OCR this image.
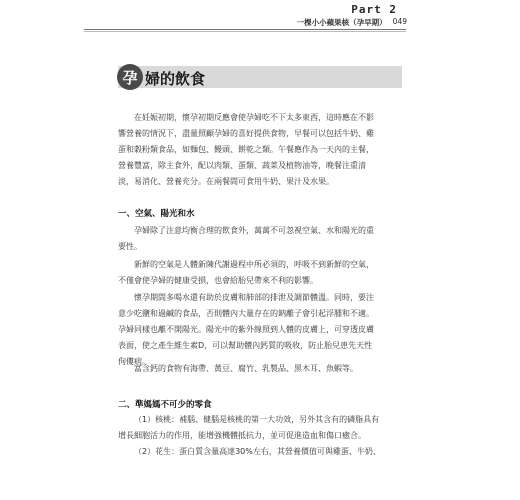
Part 2
一棵小小蘋果核（孕早期） 049
孕 婦的飲食
在妊娠初期，懷孕初期反應會使孕婦吃不下太多東西，這時應在不影
響營養的情況下，盡量照顧孕婦的喜好提供食物，早餐可以包括牛奶、雞
蛋和穀粉類食品，如麵包、饅頭、餅乾之類。午餐應作為一天內的主餐，
營養豐富，除主食外，配以肉類、蛋類、蔬菜及植物油等，晚餐注重清
淡，易消化、營養充分。在兩餐間可食用牛奶、果汁及水果。
一、空氣、陽光和水
孕婦除了注意均衡合理的飲食外，萬萬不可忽視空氣、水和陽光的重
要性。
新鮮的空氣是人體新陳代謝過程中所必須的，呼吸不到新鮮的空氣，
不僅會使孕婦的健康受損，也會給胎兒帶來不利的影響。
懷孕期間多喝水還有助於皮膚和肺部的排泄及調節體溫。同時，要注
意少吃鹽和過鹹的食品，否則體內大量存在的鈉離子會引起浮腫和不適。
孕婦同樣也離不開陽光。陽光中的紫外線照到人體的皮膚上，可穿透皮膚
表面，使之產生維生素D，可以幫助體內鈣質的吸收，防止胎兒患先天性
佝僂病。
富含鈣的食物有海帶、黃豆、腐竹、乳製品、黑木耳、魚蝦等。
二、準媽媽不可少的零食
（1）核桃：補腦、健腦是核桃的第一大功效，另外其含有的磷脂具有
增長細胞活力的作用，能增強機體抵抗力，並可促進造血和傷口癒合。
（2）花生：蛋白質含量高達30%左右，其營養價值可與雞蛋、牛奶、
